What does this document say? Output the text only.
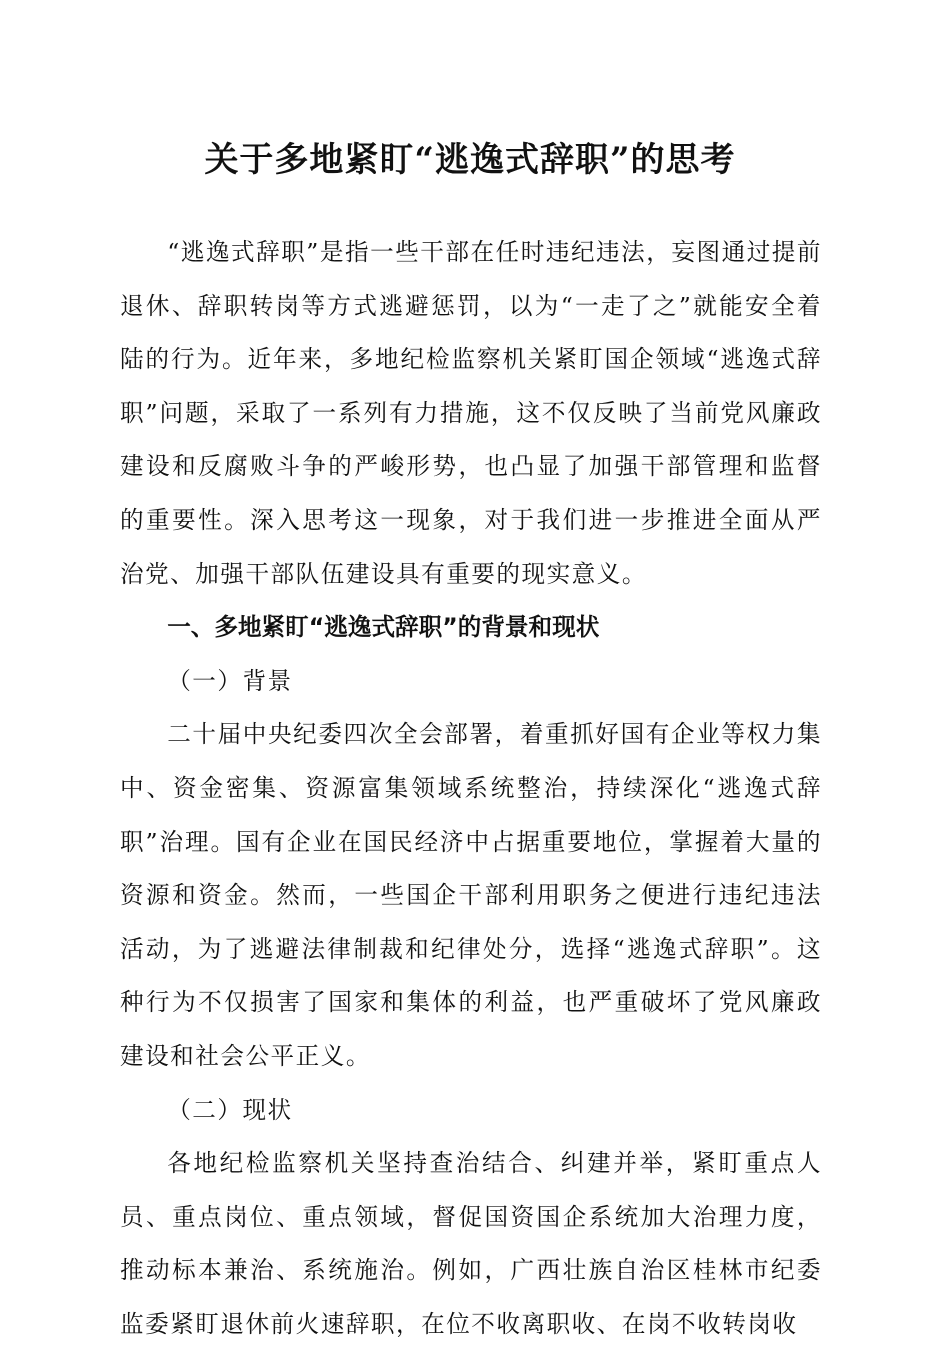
关于多地紧盯“逃逸式辞职”的思考

“逃逸式辞职”是指一些干部在任时违纪违法，妄图通过提前退休、辞职转岗等方式逃避惩罚，以为“一走了之”就能安全着陆的行为。近年来，多地纪检监察机关紧盯国企领域“逃逸式辞职”问题，采取了一系列有力措施，这不仅反映了当前党风廉政建设和反腐败斗争的严峻形势，也凸显了加强干部管理和监督的重要性。深入思考这一现象，对于我们进一步推进全面从严治党、加强干部队伍建设具有重要的现实意义。

一、多地紧盯“逃逸式辞职”的背景和现状
（一）背景

二十届中央纪委四次全会部署，着重抓好国有企业等权力集中、资金密集、资源富集领域系统整治，持续深化“逃逸式辞职”治理。国有企业在国民经济中占据重要地位，掌握着大量的资源和资金。然而，一些国企干部利用职务之便进行违纪违法活动，为了逃避法律制裁和纪律处分，选择“逃逸式辞职”。这种行为不仅损害了国家和集体的利益，也严重破坏了党风廉政建设和社会公平正义。

（二）现状

各地纪检监察机关坚持查治结合、纠建并举，紧盯重点人员、重点岗位、重点领域，督促国资国企系统加大治理力度，推动标本兼治、系统施治。例如，广西壮族自治区桂林市纪委监委紧盯退休前火速辞职，在位不收离职收、在岗不收转岗收
